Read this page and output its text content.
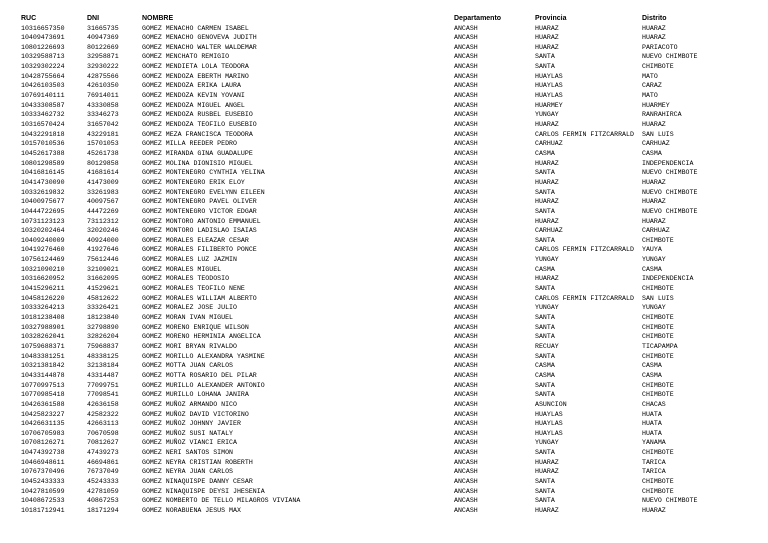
RUC	DNI	NOMBRE	Departamento	Provincia	Distrito
10316657350	31665735	GOMEZ MENACHO CARMEN ISABEL	ANCASH	HUARAZ	HUARAZ
10409473691	40947369	GOMEZ MENACHO GENOVEVA JUDITH	ANCASH	HUARAZ	HUARAZ
10801226693	80122669	GOMEZ MENACHO WALTER WALDEMAR	ANCASH	HUARAZ	PARIACOTO
10329588713	32958871	GOMEZ MENCHATO REMIGIO	ANCASH	SANTA	NUEVO CHIMBOTE
10329302224	32930222	GOMEZ MENDIETA LOLA TEODORA	ANCASH	SANTA	CHIMBOTE
10428755664	42875566	GOMEZ MENDOZA EBERTH MARINO	ANCASH	HUAYLAS	MATO
10426103503	42610350	GOMEZ MENDOZA ERIKA LAURA	ANCASH	HUAYLAS	CARAZ
10769140111	76914011	GOMEZ MENDOZA KEVIN YOVANI	ANCASH	HUAYLAS	MATO
10433308587	43330858	GOMEZ MENDOZA MIGUEL ANGEL	ANCASH	HUARMEY	HUARMEY
10333462732	33346273	GOMEZ MENDOZA RUSBEL EUSEBIO	ANCASH	YUNGAY	RANRAHIRCA
10316570424	31657042	GOMEZ MENDOZA TEOFILO EUSEBIO	ANCASH	HUARAZ	HUARAZ
10432291818	43229181	GOMEZ MEZA FRANCISCA TEODORA	ANCASH	CARLOS FERMIN FITZCARRALD SAN LUIS
10157010536	15701053	GOMEZ MILLA REEDER PEDRO	ANCASH	CARHUAZ	CARHUAZ
10452617388	45261738	GOMEZ MIRANDA GINA GUADALUPE	ANCASH	CASMA	CASMA
10801298589	80129858	GOMEZ MOLINA DIONISIO MIGUEL	ANCASH	HUARAZ	INDEPENDENCIA
10416816145	41681614	GOMEZ MONTENEGRO CYNTHIA YELINA	ANCASH	SANTA	NUEVO CHIMBOTE
10414730090	41473009	GOMEZ MONTENEGRO ERIK ELOY	ANCASH	HUARAZ	HUARAZ
10332619832	33261983	GOMEZ MONTENEGRO EVELYNN EILEEN	ANCASH	SANTA	NUEVO CHIMBOTE
10400975677	40097567	GOMEZ MONTENEGRO PAVEL OLIVER	ANCASH	HUARAZ	HUARAZ
10444722695	44472269	GOMEZ MONTENEGRO VICTOR EDGAR	ANCASH	SANTA	NUEVO CHIMBOTE
10731123123	73112312	GOMEZ MONTORO ANTONIO EMMANUEL	ANCASH	HUARAZ	HUARAZ
10320202464	32020246	GOMEZ MONTORO LADISLAO ISAIAS	ANCASH	CARHUAZ	CARHUAZ
10409240009	40924000	GOMEZ MORALES ELEAZAR CESAR	ANCASH	SANTA	CHIMBOTE
10419276460	41927646	GOMEZ MORALES FILIBERTO PONCE	ANCASH	CARLOS FERMIN FITZCARRALD YAUYA
10756124469	75612446	GOMEZ MORALES LUZ JAZMIN	ANCASH	YUNGAY	YUNGAY
10321090210	32109021	GOMEZ MORALES MIGUEL	ANCASH	CASMA	CASMA
10316620952	31662095	GOMEZ MORALES TEODOSIO	ANCASH	HUARAZ	INDEPENDENCIA
10415296211	41529621	GOMEZ MORALES TEOFILO NENE	ANCASH	SANTA	CHIMBOTE
10458126220	45812622	GOMEZ MORALES WILLIAM ALBERTO	ANCASH	CARLOS FERMIN FITZCARRALD SAN LUIS
10333264213	33326421	GOMEZ MORALEZ JOSE JULIO	ANCASH	YUNGAY	YUNGAY
10181238408	18123840	GOMEZ MORAN IVAN MIGUEL	ANCASH	SANTA	CHIMBOTE
10327988901	32798890	GOMEZ MORENO ENRIQUE WILSON	ANCASH	SANTA	CHIMBOTE
10328262041	32826204	GOMEZ MORENO HERMINIA ANGELICA	ANCASH	SANTA	CHIMBOTE
10759688371	75968837	GOMEZ MORI BRYAN RIVALDO	ANCASH	RECUAY	TICAPAMPA
10483381251	48338125	GOMEZ MORILLO ALEXANDRA YASMINE	ANCASH	SANTA	CHIMBOTE
10321381842	32138184	GOMEZ MOTTA JUAN CARLOS	ANCASH	CASMA	CASMA
10433144878	43314487	GOMEZ MOTTA ROSARIO DEL PILAR	ANCASH	CASMA	CASMA
10770997513	77099751	GOMEZ MURILLO ALEXANDER ANTONIO	ANCASH	SANTA	CHIMBOTE
10770985418	77098541	GOMEZ MURILLO LOHANA JANIRA	ANCASH	SANTA	CHIMBOTE
10426361588	42636158	GOMEZ MUÑOZ ARMANDO NICO	ANCASH	ASUNCION	CHACAS
10425823227	42582322	GOMEZ MUÑOZ DAVID VICTORINO	ANCASH	HUAYLAS	HUATA
10426631135	42663113	GOMEZ MUÑOZ JOHNNY JAVIER	ANCASH	HUAYLAS	HUATA
10706705983	70670598	GOMEZ MUÑOZ SUSI NATALY	ANCASH	HUAYLAS	HUATA
10708126271	70812627	GOMEZ MUÑOZ VIANCI ERICA	ANCASH	YUNGAY	YANAMA
10474392738	47439273	GOMEZ NERI SANTOS SIMON	ANCASH	SANTA	CHIMBOTE
10466948611	46694861	GOMEZ NEYRA CRISTIAN ROBERTH	ANCASH	HUARAZ	TARICA
10767370496	76737049	GOMEZ NEYRA JUAN CARLOS	ANCASH	HUARAZ	TARICA
10452433333	45243333	GOMEZ NINAQUISPE DANNY CESAR	ANCASH	SANTA	CHIMBOTE
10427810599	42781059	GOMEZ NINAQUISPE DEYSI JHESENIA	ANCASH	SANTA	CHIMBOTE
10408672533	40867253	GOMEZ NOMBERTO DE TELLO MILAGROS VIVIANA	ANCASH	SANTA	NUEVO CHIMBOTE
10181712941	18171294	GOMEZ NORABUENA JESUS MAX	ANCASH	HUARAZ	HUARAZ
